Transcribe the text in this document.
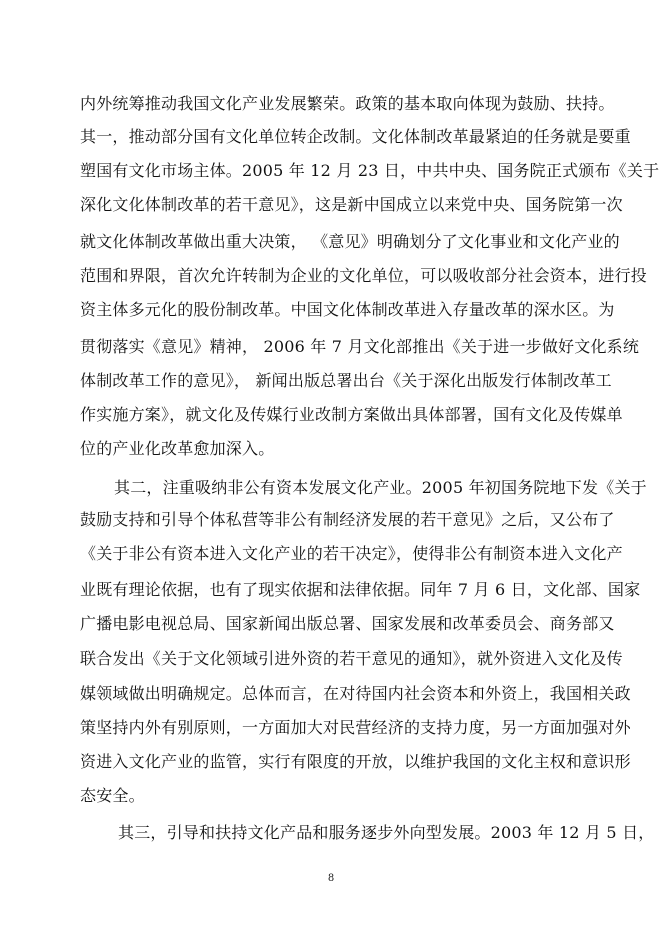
内外统筹推动我国文化产业发展繁荣。政策的基本取向体现为鼓励、扶持。
其一，推动部分国有文化单位转企改制。文化体制改革最紧迫的任务就是要重
塑国有文化市场主体。2005 年 12 月 23 日，中共中央、国务院正式颁布《关于
深化文化体制改革的若干意见》，这是新中国成立以来党中央、国务院第一次
就文化体制改革做出重大决策， 《意见》明确划分了文化事业和文化产业的
范围和界限，首次允许转制为企业的文化单位，可以吸收部分社会资本，进行投
资主体多元化的股份制改革。中国文化体制改革进入存量改革的深水区。为
贯彻落实《意见》精神， 2006 年 7 月文化部推出《关于进一步做好文化系统
体制改革工作的意见》， 新闻出版总署出台《关于深化出版发行体制改革工
作实施方案》，就文化及传媒行业改制方案做出具体部署，国有文化及传媒单
位的产业化改革愈加深入。
其二，注重吸纳非公有资本发展文化产业。2005 年初国务院地下发《关于
鼓励支持和引导个体私营等非公有制经济发展的若干意见》之后，又公布了
《关于非公有资本进入文化产业的若干决定》，使得非公有制资本进入文化产
业既有理论依据，也有了现实依据和法律依据。同年 7 月 6 日，文化部、国家
广播电影电视总局、国家新闻出版总署、国家发展和改革委员会、商务部又
联合发出《关于文化领域引进外资的若干意见的通知》，就外资进入文化及传
媒领域做出明确规定。总体而言，在对待国内社会资本和外资上，我国相关政
策坚持内外有别原则，一方面加大对民营经济的支持力度，另一方面加强对外
资进入文化产业的监管，实行有限度的开放，以维护我国的文化主权和意识形
态安全。
其三，引导和扶持文化产品和服务逐步外向型发展。2003 年 12 月 5 日，
8
